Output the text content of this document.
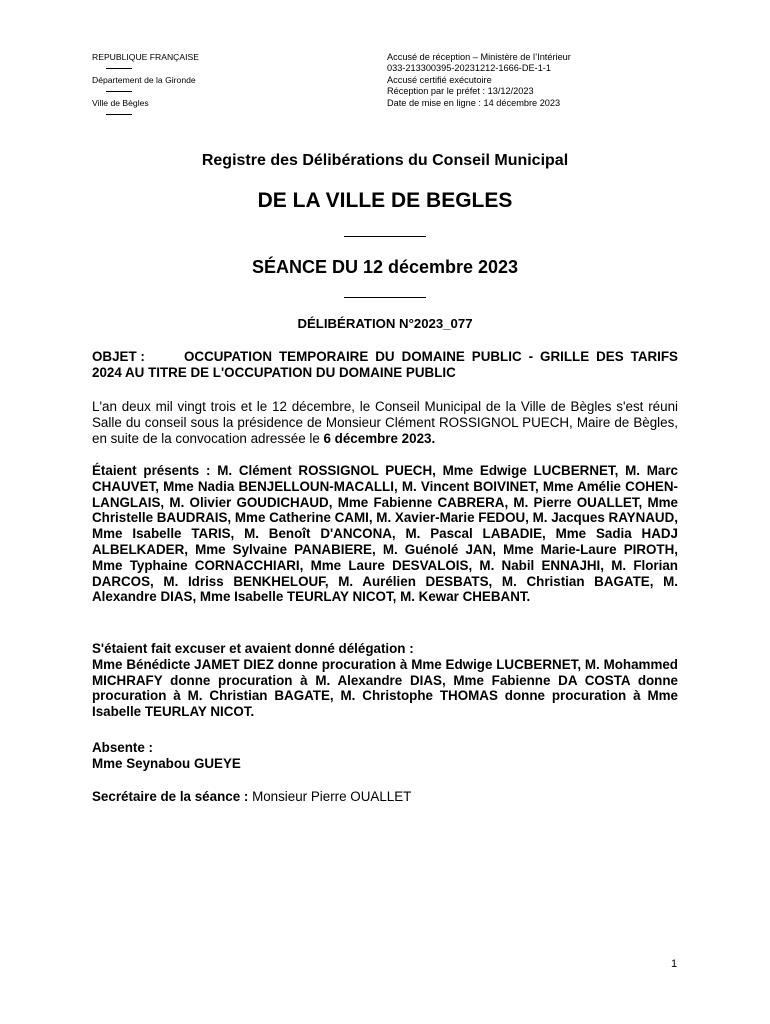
REPUBLIQUE FRANÇAISE
Département de la Gironde
Ville de Bègles
Accusé de réception – Ministère de l’Intérieur
033-213300395-20231212-1666-DE-1-1
Accusé certifié exécutoire
Réception par le préfet : 13/12/2023
Date de mise en ligne : 14 décembre 2023
Registre des Délibérations du Conseil Municipal
DE LA VILLE DE BEGLES
SÉANCE DU 12 décembre 2023
DÉLIBÉRATION N°2023_077
OBJET :	OCCUPATION TEMPORAIRE DU DOMAINE PUBLIC - GRILLE DES TARIFS 2024 AU TITRE DE L'OCCUPATION DU DOMAINE PUBLIC
L'an deux mil vingt trois et le 12 décembre, le Conseil Municipal de la Ville de Bègles s'est réuni Salle du conseil sous la présidence de Monsieur Clément ROSSIGNOL PUECH, Maire de Bègles, en suite de la convocation adressée le 6 décembre 2023.
Étaient présents : M. Clément ROSSIGNOL PUECH, Mme Edwige LUCBERNET, M. Marc CHAUVET, Mme Nadia BENJELLOUN-MACALLI, M. Vincent BOIVINET, Mme Amélie COHEN-LANGLAIS, M. Olivier GOUDICHAUD, Mme Fabienne CABRERA, M. Pierre OUALLET, Mme Christelle BAUDRAIS, Mme Catherine CAMI, M. Xavier-Marie FEDOU, M. Jacques RAYNAUD, Mme Isabelle TARIS, M. Benoît D'ANCONA, M. Pascal LABADIE, Mme Sadia HADJ ALBELKADER, Mme Sylvaine PANABIERE, M. Guénolé JAN, Mme Marie-Laure PIROTH, Mme Typhaine CORNACCHIARI, Mme Laure DESVALOIS, M. Nabil ENNAJHI, M. Florian DARCOS, M. Idriss BENKHELOUF, M. Aurélien DESBATS, M. Christian BAGATE, M. Alexandre DIAS, Mme Isabelle TEURLAY NICOT, M. Kewar CHEBANT.
S'étaient fait excuser et avaient donné délégation :
Mme Bénédicte JAMET DIEZ donne procuration à Mme Edwige LUCBERNET, M. Mohammed MICHRAFY donne procuration à M. Alexandre DIAS, Mme Fabienne DA COSTA donne procuration à M. Christian BAGATE, M. Christophe THOMAS donne procuration à Mme Isabelle TEURLAY NICOT.
Absente :
Mme Seynabou GUEYE
Secrétaire de la séance : Monsieur Pierre OUALLET
1
